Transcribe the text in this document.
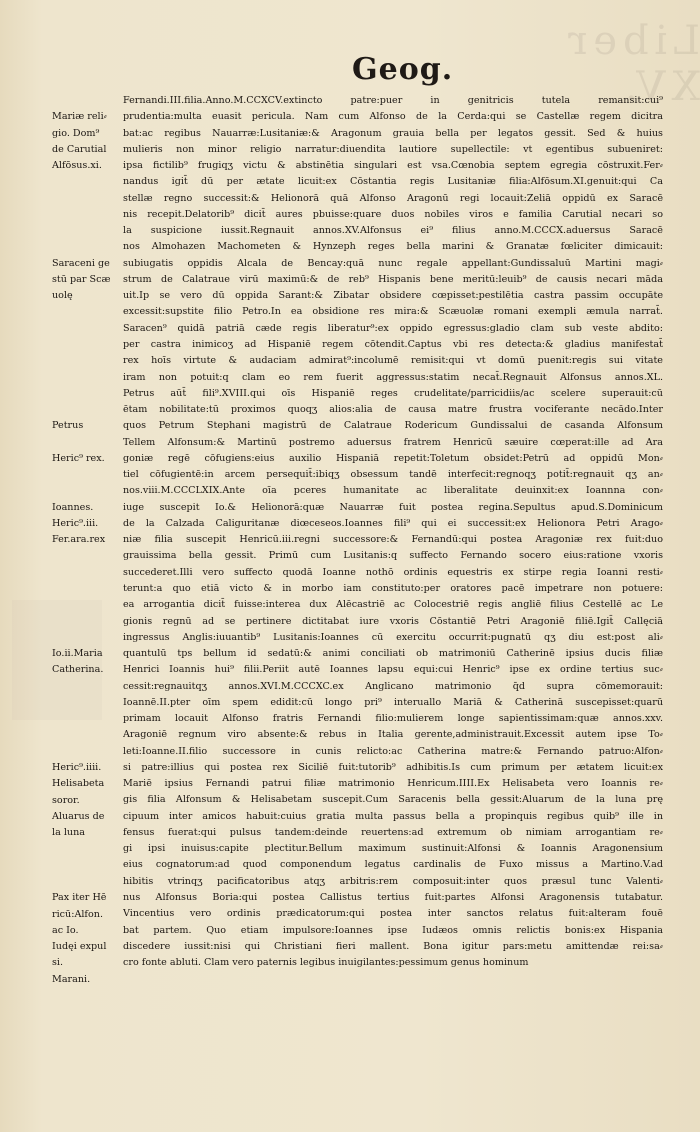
Liber XV.
Geog.
Fernandi.III.filia.Anno.M.CCXCV.extincto patre:puer in genitricis tutela remansit:cui⁹
prudentia:multa euasit pericula. Nam cum Alfonso de la Cerda:qui se Castellæ regem dicitra
bat:ac regibus Nauarræ:Lusitaniæ:& Aragonum grauia bella per legatos gessit. Sed & huius
mulieris non minor religio narratur:diuendita lautiore supellectile: vt egentibus subueniret:
ipsa fictilib⁹ frugiqʒ victu & abstinētia singulari est vsa.Cœnobia septem egregia cōstruxit.Fer⸗
nandus igit̄ dū per ætate licuit:ex Cōstantia regis Lusitaniæ filia:Alfōsum.XI.genuit:qui Ca
stellæ regno successit:& Helionorā quā Alfonso Aragonū regi locauit:Zeliā oppidū ex Saracē
nis recepit.Delatorib⁹ dicit̄ aures pbuisse:quare duos nobiles viros e familia Carutial necari so
la suspicione iussit.Regnauit annos.XV.Alfonsus ei⁹ filius anno.M.CCCX.aduersus Saracē
nos Almohazen Machometen & Hynzeph reges bella marini & Granatæ fœliciter dimicauit:
subiugatis oppidis Alcala de Bencay:quā nunc regale appellant:Gundissaluū Martini magi⸗
strum de Calatraue virū maximū:& de reb⁹ Hispanis bene meritū:leuib⁹ de causis necari māda
uit.Ip se vero dū oppida Sarant:& Zibatar obsidere cœpisset:pestilētia castra passim occupāte
excessit:supstite filio Petro.In ea obsidione res mira:& Scæuolæ romani exempli æmula narrat̄.
Saracen⁹ quidā patriā cæde regis liberatur⁹:ex oppido egressus:gladio clam sub veste abdito:
per castra inimicoʒ ad Hispaniē regem cōtendit.Captus vbi res detecta:& gladius manifestat̄
rex hoīs virtute & audaciam admirat⁹:incolumē remisit:qui vt domū puenit:regis sui vitate
iram non potuit:q clam eo rem fuerit aggressus:statim necat̄.Regnauit Alfonsus annos.XL.
Petrus aūt̄ fili⁹.XVIII.qui oīs Hispaniē reges crudelitate/parricidiis/ac scelere superauit:cū
ētam nobilitate:tū proximos quoqʒ alios:alia de causa matre frustra vociferante necādo.Inter
quos Petrum Stephani magistrū de Calatraue Rodericum Gundissalui de casanda Alfonsum
Tellem Alfonsum:& Martinū postremo aduersus fratrem Henricū sæuire cœperat:ille ad Ara
goniæ regē cōfugiens:eius auxilio Hispaniā repetit:Toletum obsidet:Petrū ad oppidū Mon⸗
tiel cōfugientē:in arcem persequit̄:ibiqʒ obsessum tandē interfecit:regnoqʒ potit̄:regnauit qʒ an⸗
nos.viii.M.CCCLXIX.Ante oīa pceres humanitate ac liberalitate deuinxit:ex Ioannna con⸗
iuge suscepit Io.& Helionorā:quæ Nauarræ fuit postea regina.Sepultus apud.S.Dominicum
de la Calzada Caliguritanæ diœceseos.Ioannes fili⁹ qui ei successit:ex Helionora Petri Arago⸗
niæ filia suscepit Henricū.iii.regni successore:& Fernandū:qui postea Aragoniæ rex fuit:duo
grauissima bella gessit. Primū cum Lusitanis:q suffecto Fernando socero eius:ratione vxoris
succederet.Illi vero suffecto quodā Ioanne nothō ordinis equestris ex stirpe regia Ioanni resti⸗
terunt:a quo etiā victo & in morbo iam constituto:per oratores pacē impetrare non potuere:
ea arrogantia dicit̄ fuisse:interea dux Alēcastriē ac Colocestriē regis angliē filius Cestellē ac Le
gionis regnū ad se pertinere dictitabat iure vxoris Cōstantiē Petri Aragoniē filiē.Igit̄ Callęciā
ingressus Anglis:iuuantib⁹ Lusitanis:Ioannes cū exercitu occurrit:pugnatū qʒ diu est:post ali⸗
quantulū tps bellum id sedatū:& animi conciliati ob matrimoniū Catherinē ipsius ducis filiæ
Henrici Ioannis hui⁹ filii.Periit autē Ioannes lapsu equi:cui Henric⁹ ipse ex ordine tertius suc⸗
cessit:regnauitqʒ annos.XVI.M.CCCXC.ex Anglicano matrimonio q̄d supra cōmemorauit:
Ioannē.II.pter oīm spem edidit:cū longo pri⁹ interuallo Mariā & Catherinā suscepisset:quarū
primam locauit Alfonso fratris Fernandi filio:mulierem longe sapientissimam:quæ annos.xxv.
Aragoniē regnum viro absente:& rebus in Italia gerente,administrauit.Excessit autem ipse To⸗
leti:Ioanne.II.filio successore in cunis relicto:ac Catherina matre:& Fernando patruo:Alfon⸗
si patre:illius qui postea rex Siciliē fuit:tutorib⁹ adhibitis.Is cum primum per ætatem licuit:ex
Mariē ipsius Fernandi patrui filiæ matrimonio Henricum.IIII.Ex Helisabeta vero Ioannis re⸗
gis filia Alfonsum & Helisabetam suscepit.Cum Saracenis bella gessit:Aluarum de la luna prę
cipuum inter amicos habuit:cuius gratia multa passus bella a propinquis regibus quib⁹ ille in
fensus fuerat:qui pulsus tandem:deinde reuertens:ad extremum ob nimiam arrogantiam re⸗
gi ipsi inuisus:capite plectitur.Bellum maximum sustinuit:Alfonsi & Ioannis Aragonensium
eius cognatorum:ad quod componendum legatus cardinalis de Fuxo missus a Martino.V.ad
hibitis vtrinqʒ pacificatoribus atqʒ arbitris:rem composuit:inter quos præsul tunc Valenti⸗
nus Alfonsus Boria:qui postea Callistus tertius fuit:partes Alfonsi Aragonensis tutabatur.
Vincentius vero ordinis prædicatorum:qui postea inter sanctos relatus fuit:alteram fouē
bat partem. Quo etiam impulsore:Ioannes ipse Iudæos omnis relictis bonis:ex Hispania
discedere iussit:nisi qui Christiani fieri mallent. Bona igitur pars:metu amittendæ rei:sa⸗
cro fonte abluti. Clam vero paternis legibus inuigilantes:pessimum genus hominum
Mariæ reli⸗
gio. Dom⁹
de Carutial
Alfōsus.xi.
Saraceni ge
stū par Scæ
uolę
Petrus
Heric⁹ rex.
Ioannes.
Heric⁹.iii.
Fer.ara.rex
Io.ii.Maria
Catherina.
Heric⁹.iiii.
Helisabeta
soror.
Aluarus de
la luna
Pax iter Hē
ricū:Alfon.
ac Io.
Iudęi expul
si.
Marani.
